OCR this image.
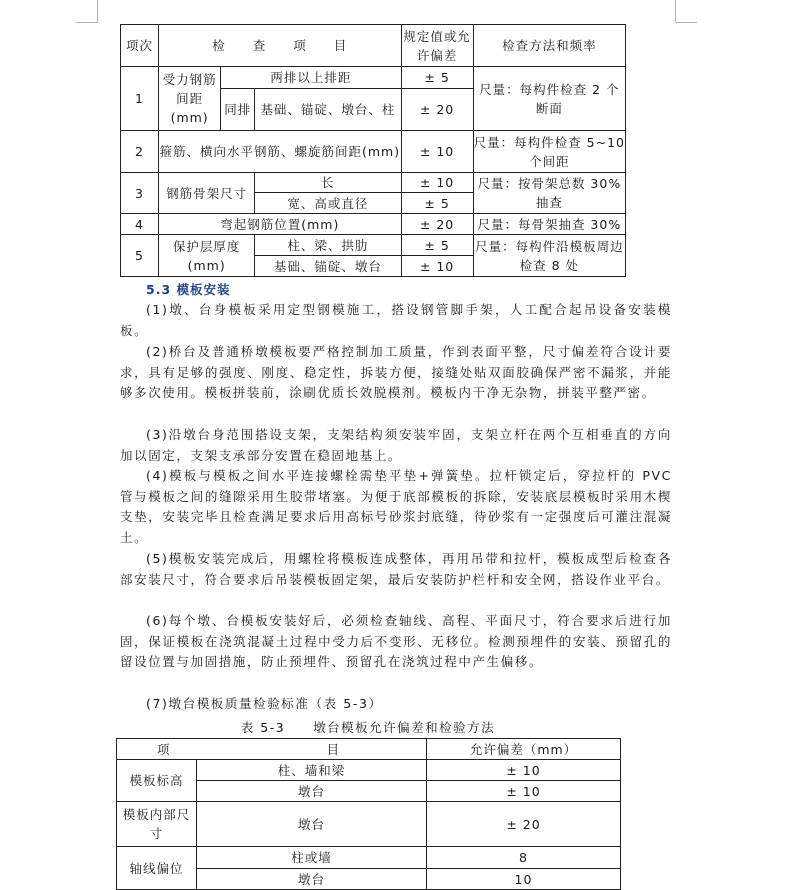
项次	检　　查　　项　　目			规定值或允许偏差	检查方法和频率
1	受力钢筋间距(mm)	两排以上排距		± 5	尺量：每构件检查 2 个断面
		同排	基础、锚碇、墩台、柱	± 20	
2	箍筋、横向水平钢筋、螺旋筋间距(mm)			± 10	尺量：每构件检查 5~10 个间距
3	钢筋骨架尺寸		长	± 10	尺量：按骨架总数 30% 抽查
			宽、高或直径	± 5	
4	弯起钢筋位置(mm)			± 20	尺量：每骨架抽查 30%
5	保护层厚度(mm)		柱、梁、拱肋	± 5	尺量：每构件沿模板周边检查 8 处
			基础、锚碇、墩台	± 10	
5.3 模板安装

(1)墩、台身模板采用定型钢模施工，搭设钢管脚手架，人工配合起吊设备安装模板。

(2)桥台及普通桥墩模板要严格控制加工质量，作到表面平整，尺寸偏差符合设计要求，具有足够的强度、刚度、稳定性，拆装方便，接缝处贴双面胶确保严密不漏浆，并能够多次使用。模板拼装前，涂刷优质长效脱模剂。模板内干净无杂物，拼装平整严密。

(3)沿墩台身范围搭设支架，支架结构须安装牢固，支架立杆在两个互相垂直的方向加以固定，支架支承部分安置在稳固地基上。

(4)模板与模板之间水平连接螺栓需垫平垫+弹簧垫。拉杆锁定后，穿拉杆的 PVC 管与模板之间的缝隙采用生胶带堵塞。为便于底部模板的拆除，安装底层模板时采用木楔支垫，安装完毕且检查满足要求后用高标号砂浆封底缝，待砂浆有一定强度后可灌注混凝土。

(5)模板安装完成后，用螺栓将模板连成整体，再用吊带和拉杆，模板成型后检查各部安装尺寸，符合要求后吊装模板固定架，最后安装防护栏杆和安全网，搭设作业平台。

(6)每个墩、台模板安装好后，必须检查轴线、高程、平面尺寸，符合要求后进行加固，保证模板在浇筑混凝土过程中受力后不变形、无移位。检测预埋件的安装、预留孔的留设位置与加固措施，防止预埋件、预留孔在浇筑过程中产生偏移。

(7)墩台模板质量检验标准（表 5-3）

表 5-3　　墩台模板允许偏差和检验方法
项 目		允许偏差（mm）
模板标高	柱、墙和梁	± 10
	墩台	± 10
模板内部尺寸	墩台	± 20
轴线偏位	柱或墙	8
	墩台	10
